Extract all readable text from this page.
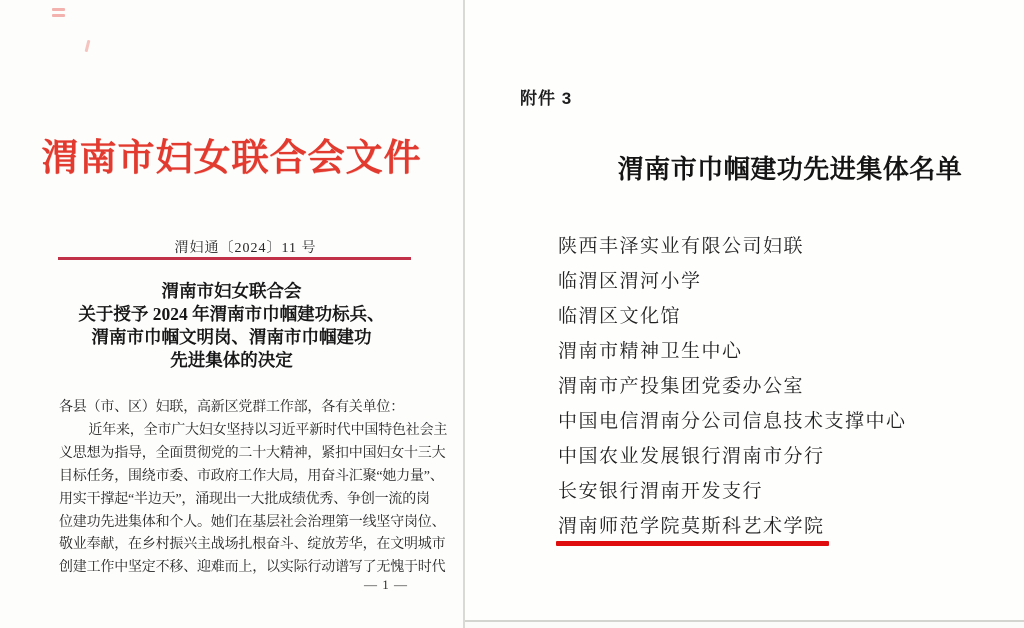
渭南市妇女联合会文件
渭妇通〔2024〕11 号
渭南市妇女联合会
关于授予 2024 年渭南市巾帼建功标兵、
渭南市巾帼文明岗、渭南市巾帼建功
先进集体的决定
各县（市、区）妇联，高新区党群工作部，各有关单位：
近年来，全市广大妇女坚持以习近平新时代中国特色社会主
义思想为指导，全面贯彻党的二十大精神，紧扣中国妇女十三大
目标任务，围绕市委、市政府工作大局，用奋斗汇聚“她力量”、
用实干撑起“半边天”，涌现出一大批成绩优秀、争创一流的岗
位建功先进集体和个人。她们在基层社会治理第一线坚守岗位、
敬业奉献，在乡村振兴主战场扎根奋斗、绽放芳华，在文明城市
创建工作中坚定不移、迎难而上，以实际行动谱写了无愧于时代
— 1 —
附件 3
渭南市巾帼建功先进集体名单
陕西丰泽实业有限公司妇联
临渭区渭河小学
临渭区文化馆
渭南市精神卫生中心
渭南市产投集团党委办公室
中国电信渭南分公司信息技术支撑中心
中国农业发展银行渭南市分行
长安银行渭南开发支行
渭南师范学院莫斯科艺术学院
